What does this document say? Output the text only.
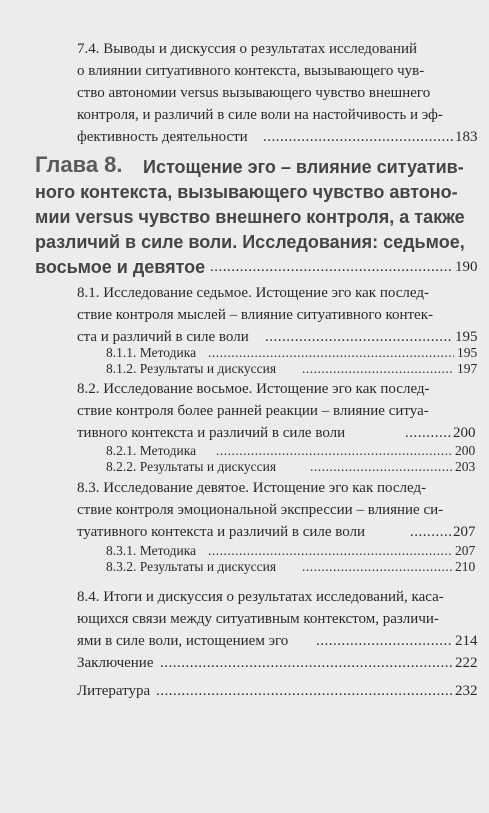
7.4. Выводы и дискуссия о результатах исследований
о влиянии ситуативного контекста, вызывающего чув-
ство автономии versus вызывающего чувство внешнего
контроля, и различий в силе воли на настойчивость и эф-
фективность деятельности .....	183
Глава 8. Истощение эго – влияние ситуатив-
ного контекста, вызывающего чувство автоно-
мии versus чувство внешнего контроля, а также
различий в силе воли. Исследования: седьмое,
восьмое и девятое .....	190
8.1. Исследование седьмое. Истощение эго как послед-
ствие контроля мыслей – влияние ситуативного контек-
ста и различий в силе воли .....	195
8.1.1. Методика .....	195
8.1.2. Результаты и дискуссия .....	197
8.2. Исследование восьмое. Истощение эго как послед-
ствие контроля более ранней реакции – влияние ситуа-
тивного контекста и различий в силе воли .....	200
8.2.1. Методика .....	200
8.2.2. Результаты и дискуссия .....	203
8.3. Исследование девятое. Истощение эго как послед-
ствие контроля эмоциональной экспрессии – влияние си-
туативного контекста и различий в силе воли .....	207
8.3.1. Методика .....	207
8.3.2. Результаты и дискуссия .....	210
8.4. Итоги и дискуссия о результатах исследований, каса-
ющихся связи между ситуативным контекстом, различи-
ями в силе воли, истощением эго .....	214
Заключение .....	222
Литература .....	232
